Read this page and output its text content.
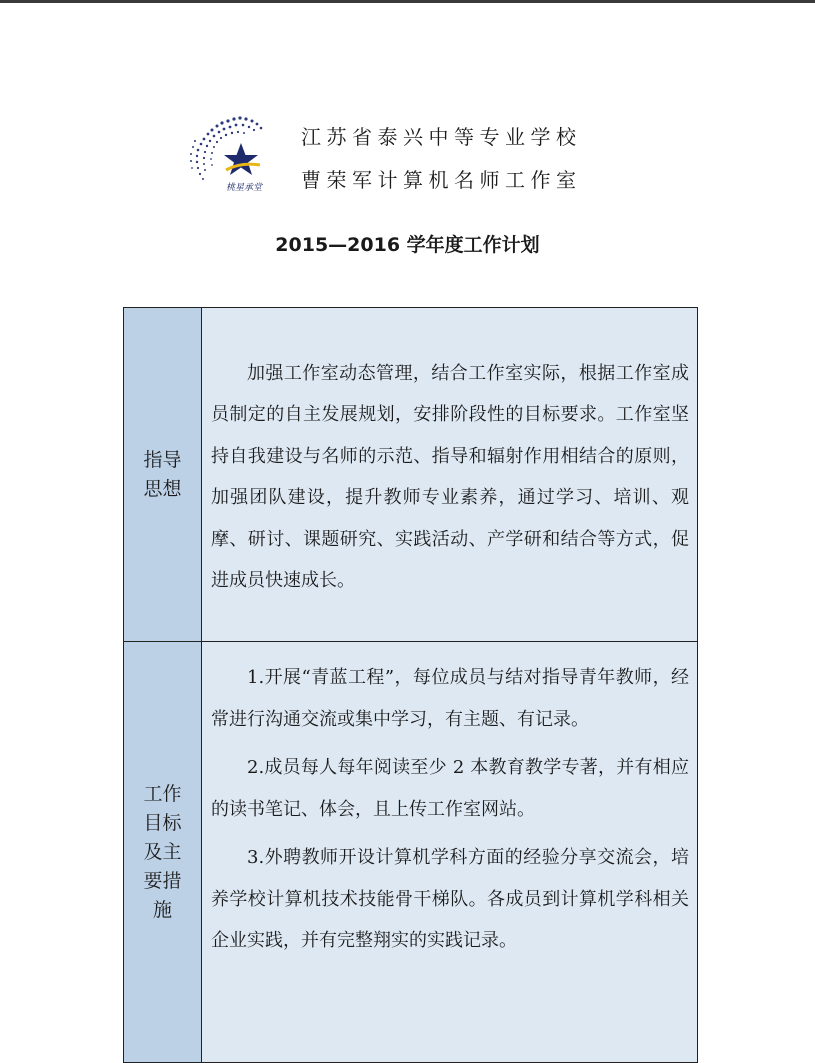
桃星承堂
江苏省泰兴中等专业学校
曹荣军计算机名师工作室
2015—2016 学年度工作计划
指导思想	加强工作室动态管理，结合工作室实际，根据工作室成员制定的自主发展规划，安排阶段性的目标要求。工作室坚持自我建设与名师的示范、指导和辐射作用相结合的原则，加强团队建设，提升教师专业素养，通过学习、培训、观摩、研讨、课题研究、实践活动、产学研和结合等方式，促进成员快速成长。

工作目标及主要措施	1.开展“青蓝工程”，每位成员与结对指导青年教师，经常进行沟通交流或集中学习，有主题、有记录。

2.成员每人每年阅读至少 2 本教育教学专著，并有相应的读书笔记、体会，且上传工作室网站。

3.外聘教师开设计算机学科方面的经验分享交流会，培养学校计算机技术技能骨干梯队。各成员到计算机学科相关企业实践，并有完整翔实的实践记录。
